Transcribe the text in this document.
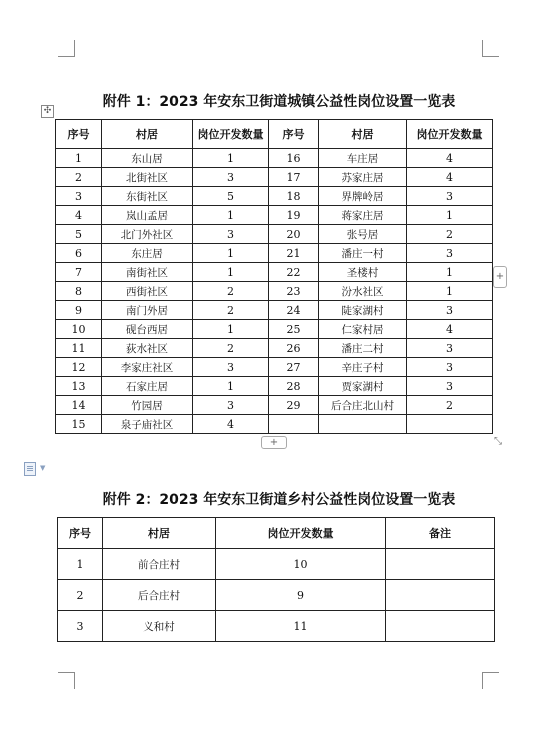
✣
附件 1：2023 年安东卫街道城镇公益性岗位设置一览表
序号	村居	岗位开发数量	序号	村居	岗位开发数量
1	东山居	1	16	车庄居	4
2	北街社区	3	17	苏家庄居	4
3	东街社区	5	18	界牌岭居	3
4	岚山孟居	1	19	蒋家庄居	1
5	北门外社区	3	20	张号居	2
6	东庄居	1	21	潘庄一村	3
7	南街社区	1	22	圣楼村	1
8	西街社区	2	23	汾水社区	1
9	南门外居	2	24	陡家湖村	3
10	砚台西居	1	25	仁家村居	4
11	荻水社区	2	26	潘庄二村	3
12	李家庄社区	3	27	辛庄子村	3
13	石家庄居	1	28	贾家湖村	3
14	竹园居	3	29	后合庄北山村	2
15	泉子庙社区	4			
+
+	⤡
▼
附件 2：2023 年安东卫街道乡村公益性岗位设置一览表
序号	村居	岗位开发数量	备注
1	前合庄村	10	
2	后合庄村	9	
3	义和村	11	
